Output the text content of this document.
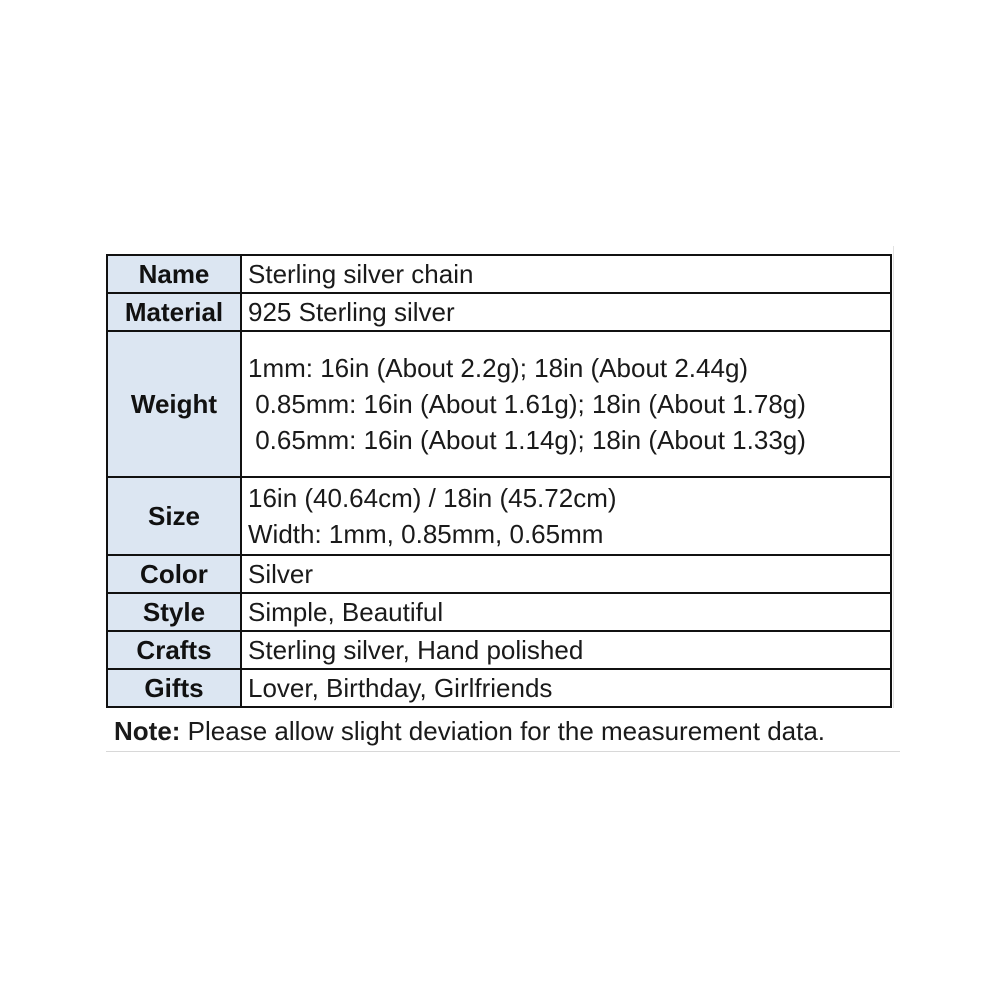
Name	Sterling silver chain

Material	925 Sterling silver

Weight	1mm: 16in (About 2.2g); 18in (About 2.44g)
0.85mm: 16in (About 1.61g); 18in (About 1.78g)
0.65mm: 16in (About 1.14g); 18in (About 1.33g)

Size	16in (40.64cm) / 18in (45.72cm)
Width: 1mm, 0.85mm, 0.65mm

Color	Silver

Style	Simple, Beautiful

Crafts	Sterling silver, Hand polished

Gifts	Lover, Birthday, Girlfriends
Note: Please allow slight deviation for the measurement data.
